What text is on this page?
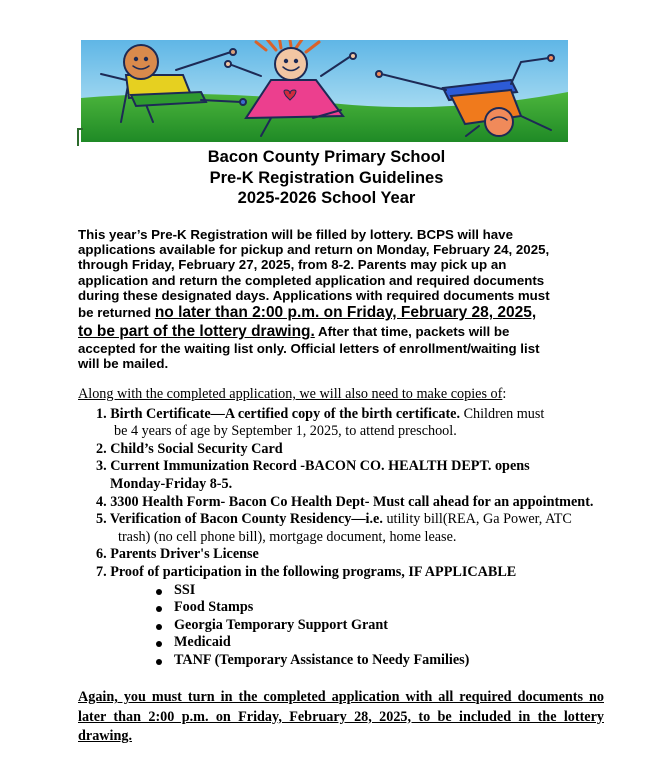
Bacon County Primary School
Pre-K Registration Guidelines
2025-2026 School Year
This year’s Pre-K Registration will be filled by lottery. BCPS will have
applications available for pickup and return on Monday, February 24, 2025,
through Friday, February 27, 2025, from 8-2. Parents may pick up an
application and return the completed application and required documents
during these designated days. Applications with required documents must
be returned no later than 2:00 p.m. on Friday, February 28, 2025,
to be part of the lottery drawing. After that time, packets will be
accepted for the waiting list only. Official letters of enrollment/waiting list
will be mailed.
Along with the completed application, we will also need to make copies of:
1. Birth Certificate—A certified copy of the birth certificate. Children must
be 4 years of age by September 1, 2025, to attend preschool.
2. Child’s Social Security Card
3. Current Immunization Record -BACON CO. HEALTH DEPT. opens
Monday-Friday 8-5.
4. 3300 Health Form- Bacon Co Health Dept- Must call ahead for an appointment.
5. Verification of Bacon County Residency—i.e. utility bill(REA, Ga Power, ATC
trash) (no cell phone bill), mortgage document, home lease.
6. Parents Driver's License
7. Proof of participation in the following programs, IF APPLICABLE
SSI
Food Stamps
Georgia Temporary Support Grant
Medicaid
TANF (Temporary Assistance to Needy Families)
Again, you must turn in the completed application with all required documents no later than 2:00 p.m. on Friday, February 28, 2025, to be included in the lottery drawing.
